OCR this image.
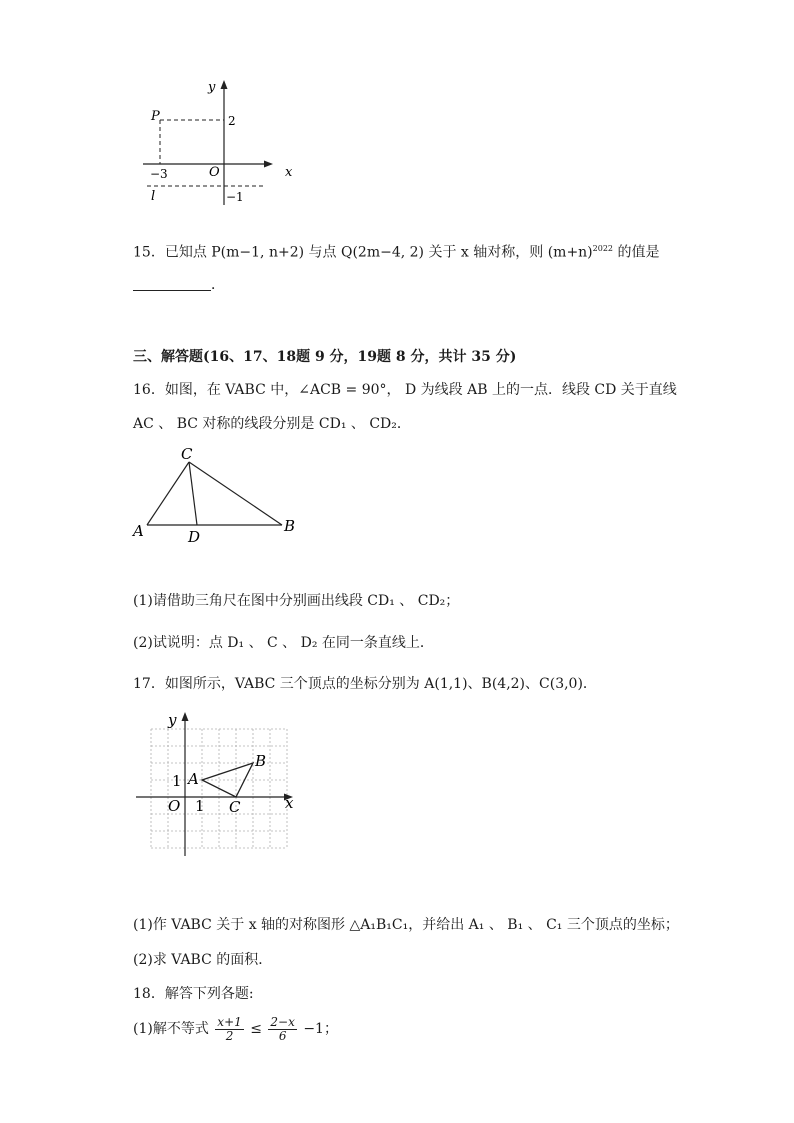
y
x
P	2
−3	O
l	−1
15．已知点 P(m−1, n+2) 与点 Q(2m−4, 2) 关于 x 轴对称，则 $(m+n)^{2022}$ 的值是
．
三、解答题(16、17、18题 9 分，19题 8 分，共计 35 分)
16．如图，在 VABC 中，∠ACB = 90°， D 为线段 AB 上的一点．线段 CD 关于直线
AC 、 BC 对称的线段分别是 CD₁ 、 CD₂．
C
A	D
B
(1)请借助三角尺在图中分别画出线段 CD₁ 、 CD₂；
(2)试说明：点 D₁ 、 C 、 D₂ 在同一条直线上．
17．如图所示，VABC 三个顶点的坐标分别为 A(1,1)、B(4,2)、C(3,0)．
y
x
O 1
1 A
B
C
(1)作 VABC 关于 x 轴的对称图形 △A₁B₁C₁，并给出 A₁ 、 B₁ 、 C₁ 三个顶点的坐标；
(2)求 VABC 的面积．
18．解答下列各题:
(1)解不等式 $\frac{x+1}{2} \le \frac{2-x}{6} -1$；
